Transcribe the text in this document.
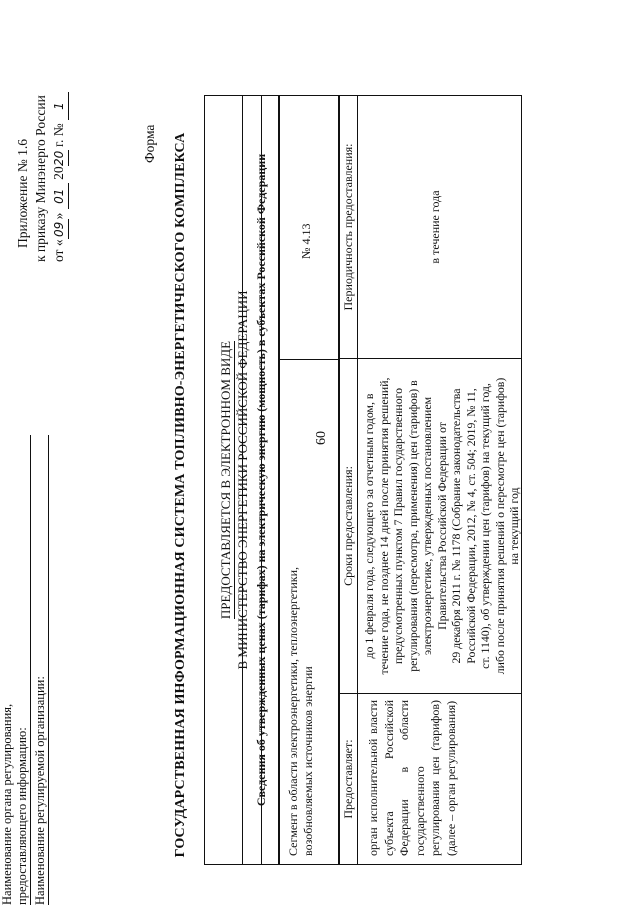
60
Приложение № 1.6 к приказу Минэнерго России от «09» 01 2020 г. № 1
Форма ГОСУДАРСТВЕННАЯ ИНФОРМАЦИОННАЯ СИСТЕМА ТОПЛИВНО-ЭНЕРГЕТИЧЕСКОГО КОМПЛЕКСА ПРЕДОСТАВЛЯЕТСЯ В ЭЛЕКТРОННОМ ВИДЕ В МИНИСТЕРСТВО ЭНЕРГЕТИКИ РОССИЙСКОЙ ФЕДЕРАЦИИ Сведения об утвержденных ценах (тарифах) на электрическую энергию (мощность) в субъектах Российской Федерации	Сегмент в области электроэнергетики, теплоэнергетики, возобновляемых источников энергии
№ 4.13
Предоставляет:
Сроки предоставления:
Периодичность предоставления:
орган исполнительной власти субъекта Российской Федерации в области государственного регулирования цен (тарифов) (далее – орган регулирования)
до 1 февраля года, следующего за отчетным годом, в течение года, не позднее 14 дней после принятия решений, предусмотренных пунктом 7 Правил государственного регулирования (пересмотра, применения) цен (тарифов) в электроэнергетике, утвержденных постановлением Правительства Российской Федерации от 29 декабря 2011 г. № 1178 (Собрание законодательства Российской Федерации, 2012, № 4, ст. 504; 2019, № 11, ст. 1140), об утверждении цен (тарифов) на текущий год, либо после принятия решений о пересмотре цен (тарифов) на текущий год
в течение года
Наименование органа регулирования, предоставляющего информацию: Наименование регулируемой организации:
